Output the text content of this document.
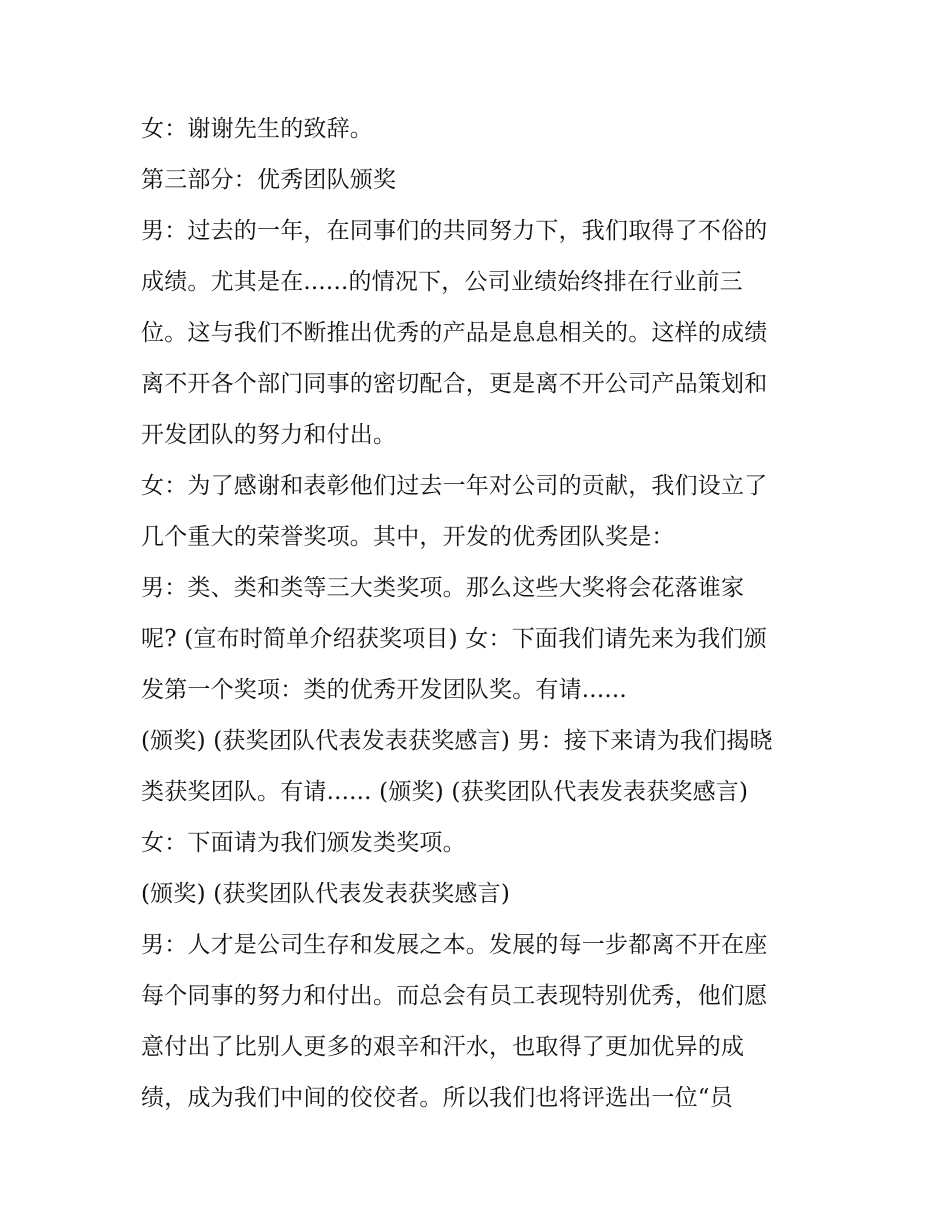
女：谢谢先生的致辞。
第三部分：优秀团队颁奖
男：过去的一年，在同事们的共同努力下，我们取得了不俗的
成绩。尤其是在......的情况下，公司业绩始终排在行业前三
位。这与我们不断推出优秀的产品是息息相关的。这样的成绩
离不开各个部门同事的密切配合，更是离不开公司产品策划和
开发团队的努力和付出。
女：为了感谢和表彰他们过去一年对公司的贡献，我们设立了
几个重大的荣誉奖项。其中，开发的优秀团队奖是：
男：类、类和类等三大类奖项。那么这些大奖将会花落谁家
呢? (宣布时简单介绍获奖项目) 女：下面我们请先来为我们颁
发第一个奖项：类的优秀开发团队奖。有请......
(颁奖) (获奖团队代表发表获奖感言) 男：接下来请为我们揭晓
类获奖团队。有请...... (颁奖) (获奖团队代表发表获奖感言)
女：下面请为我们颁发类奖项。
(颁奖) (获奖团队代表发表获奖感言)
男：人才是公司生存和发展之本。发展的每一步都离不开在座
每个同事的努力和付出。而总会有员工表现特别优秀，他们愿
意付出了比别人更多的艰辛和汗水，也取得了更加优异的成
绩，成为我们中间的佼佼者。所以我们也将评选出一位“员
